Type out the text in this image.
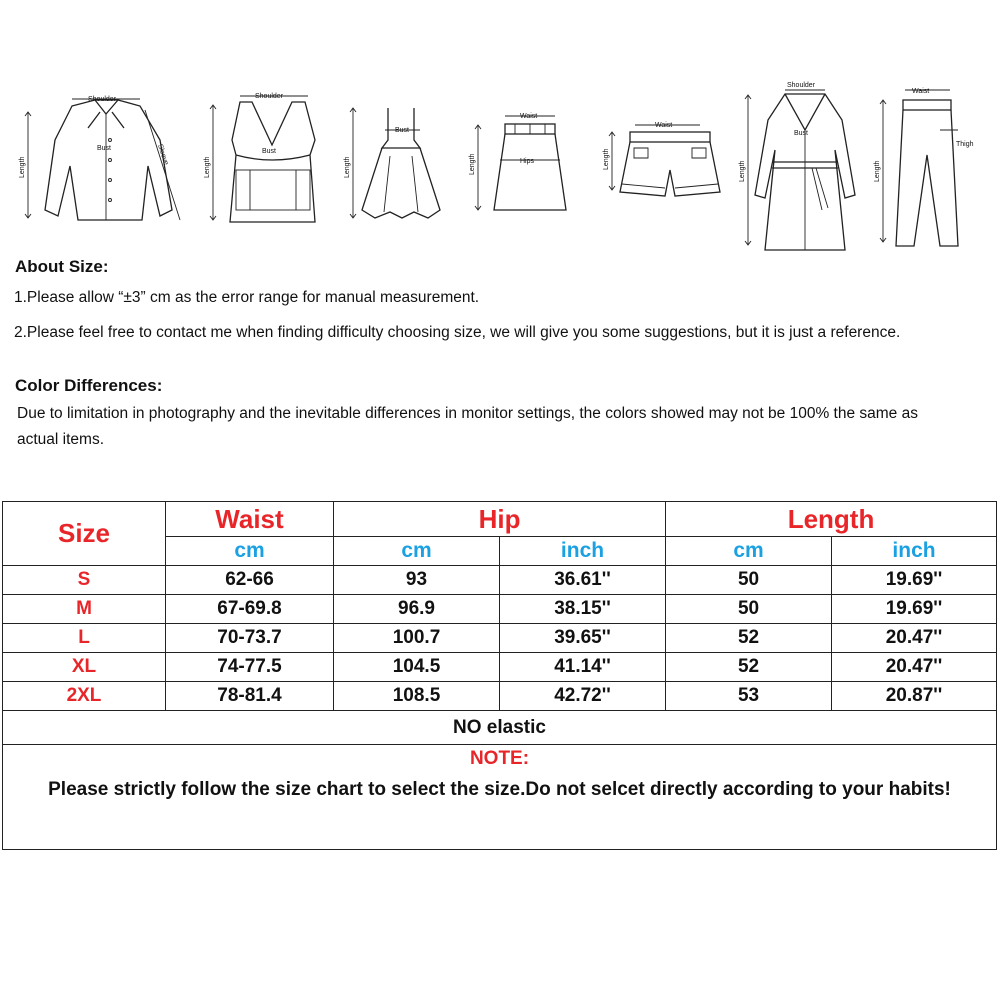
Length
Shoulder
Bust	Sleeve
Shoulder
Length
Bust
Length
Bust
Waist
Length	Hips
Waist
Length
Shoulder
Length
Bust
Waist
Length
Thigh
About Size:
1.Please allow “±3” cm as the error range for manual measurement.
2.Please feel free to contact me when finding difficulty choosing size, we will give you some suggestions, but it is just a reference.
Color Differences:
Due to limitation in photography and the inevitable differences in monitor settings, the colors showed may not be 100% the same as actual items.
Size	Waist	Hip		Length	
	cm	cm	inch	cm	inch
S	62-66	93	36.61''	50	19.69''
M	67-69.8	96.9	38.15''	50	19.69''
L	70-73.7	100.7	39.65''	52	20.47''
XL	74-77.5	104.5	41.14''	52	20.47''
2XL	78-81.4	108.5	42.72''	53	20.87''
NO elastic					
NOTE:					
Please strictly follow the size chart to select the size.Do not selcet directly according to your habits!					
